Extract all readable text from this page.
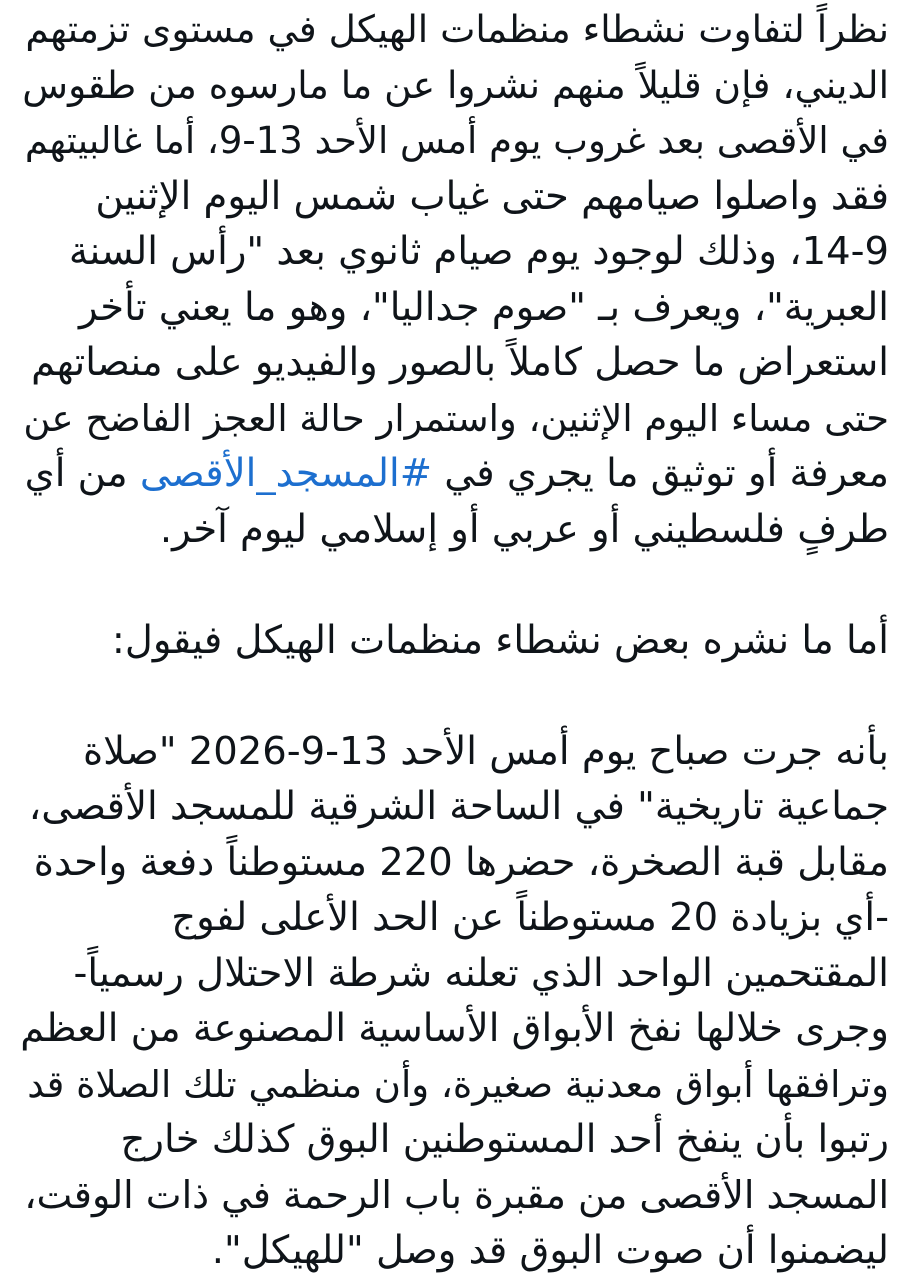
نظراً لتفاوت نشطاء منظمات الهيكل في مستوى تزمتهم
الديني، فإن قليلاً منهم نشروا عن ما مارسوه من طقوس
في الأقصى بعد غروب يوم أمس الأحد 13-9، أما غالبيتهم
فقد واصلوا صيامهم حتى غياب شمس اليوم الإثنين
14-9، وذلك لوجود يوم صيام ثانوي بعد "رأس السنة
العبرية"، ويعرف بـ "صوم جداليا"، وهو ما يعني تأخر
استعراض ما حصل كاملاً بالصور والفيديو على منصاتهم
حتى مساء اليوم الإثنين، واستمرار حالة العجز الفاضح عن
معرفة أو توثيق ما يجري في #المسجد_الأقصى من أي
طرفٍ فلسطيني أو عربي أو إسلامي ليوم آخر.

أما ما نشره بعض نشطاء منظمات الهيكل فيقول:

بأنه جرت صباح يوم أمس الأحد 13-9-2026 "صلاة
جماعية تاريخية" في الساحة الشرقية للمسجد الأقصى،
مقابل قبة الصخرة، حضرها 220 مستوطناً دفعة واحدة
-أي بزيادة 20 مستوطناً عن الحد الأعلى لفوج
المقتحمين الواحد الذي تعلنه شرطة الاحتلال رسمياً-
وجرى خلالها نفخ الأبواق الأساسية المصنوعة من العظم
وترافقها أبواق معدنية صغيرة، وأن منظمي تلك الصلاة قد
رتبوا بأن ينفخ أحد المستوطنين البوق كذلك خارج
المسجد الأقصى من مقبرة باب الرحمة في ذات الوقت،
ليضمنوا أن صوت البوق قد وصل "للهيكل".
